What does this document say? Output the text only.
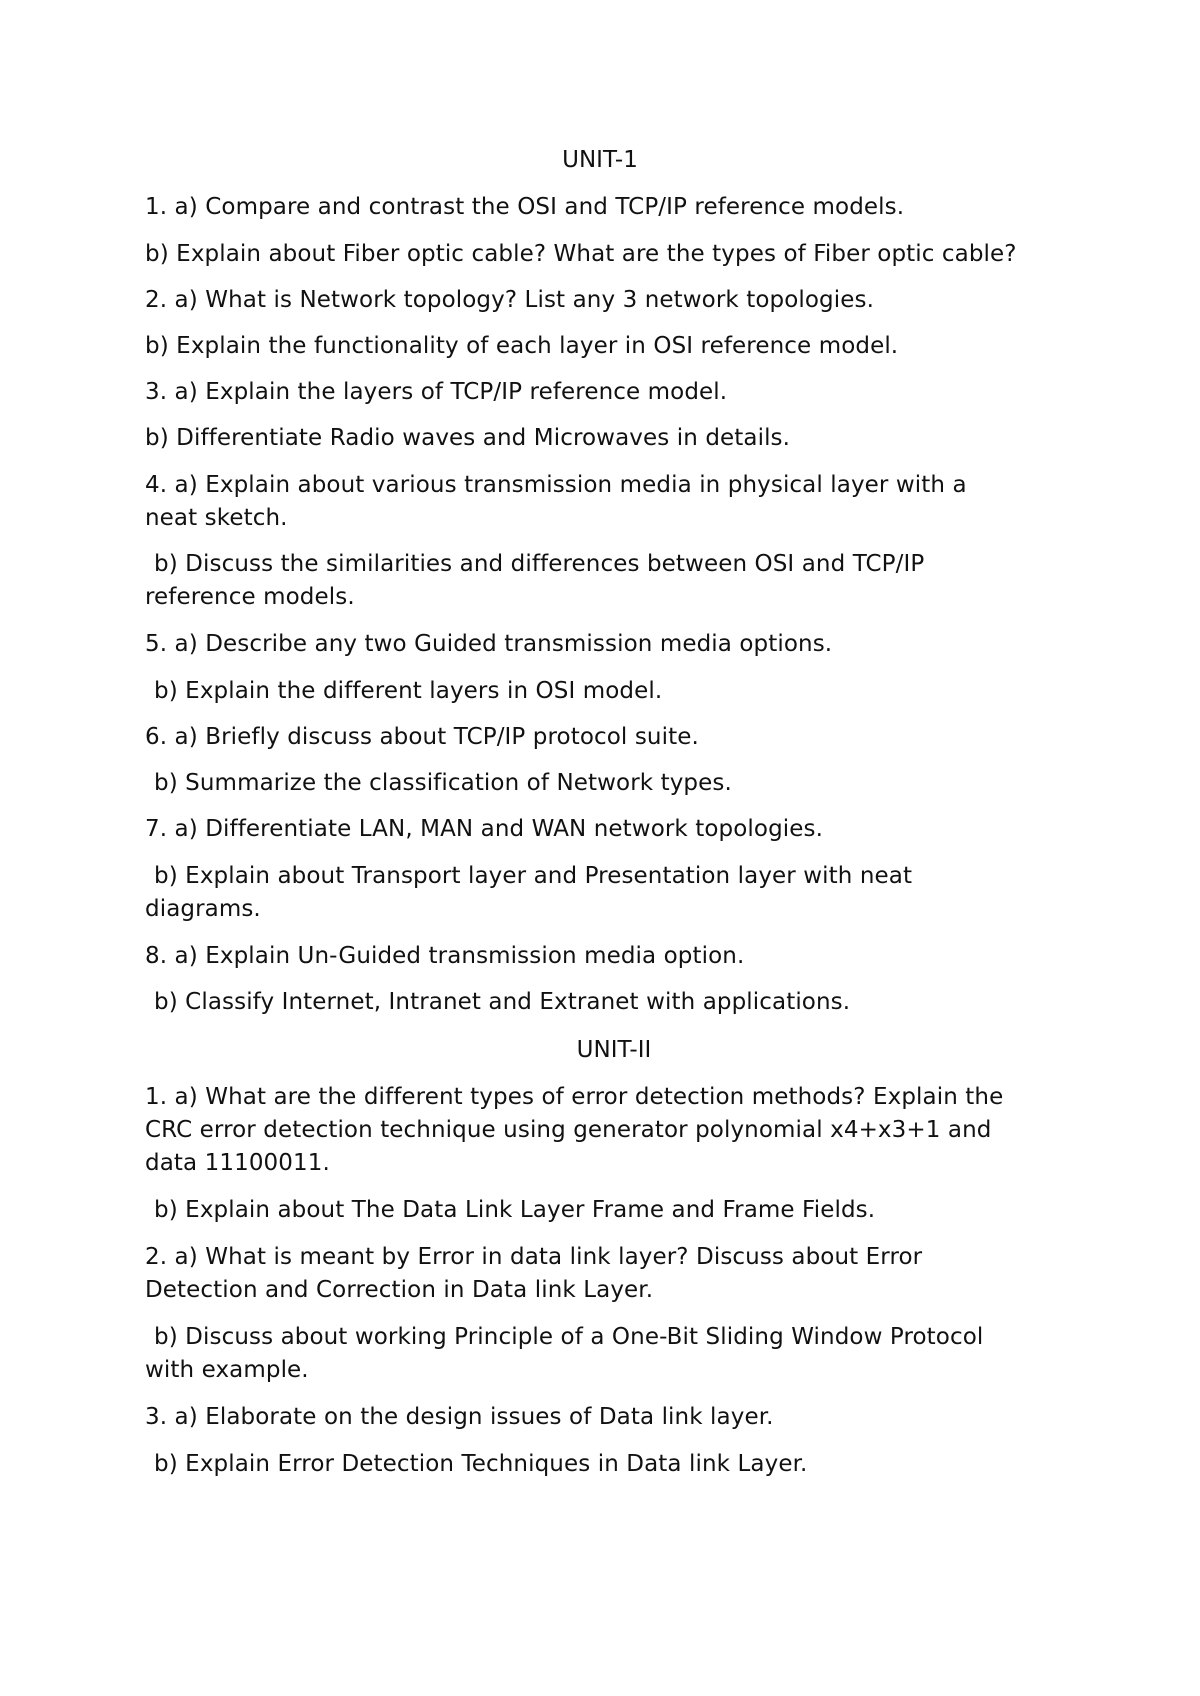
UNIT-1
1. a) Compare and contrast the OSI and TCP/IP reference models.
b) Explain about Fiber optic cable? What are the types of Fiber optic cable?
2. a) What is Network topology? List any 3 network topologies.
b) Explain the functionality of each layer in OSI reference model.
3. a) Explain the layers of TCP/IP reference model.
b) Differentiate Radio waves and Microwaves in details.
4. a) Explain about various transmission media in physical layer with a
neat sketch.
b) Discuss the similarities and differences between OSI and TCP/IP
reference models.
5. a) Describe any two Guided transmission media options.
b) Explain the different layers in OSI model.
6. a) Briefly discuss about TCP/IP protocol suite.
b) Summarize the classification of Network types.
7. a) Differentiate LAN, MAN and WAN network topologies.
b) Explain about Transport layer and Presentation layer with neat
diagrams.
8. a) Explain Un-Guided transmission media option.
b) Classify Internet, Intranet and Extranet with applications.
UNIT-II
1. a) What are the different types of error detection methods? Explain the
CRC error detection technique using generator polynomial x4+x3+1 and
data 11100011.
b) Explain about The Data Link Layer Frame and Frame Fields.
2. a) What is meant by Error in data link layer? Discuss about Error
Detection and Correction in Data link Layer.
b) Discuss about working Principle of a One-Bit Sliding Window Protocol
with example.
3. a) Elaborate on the design issues of Data link layer.
b) Explain Error Detection Techniques in Data link Layer.
